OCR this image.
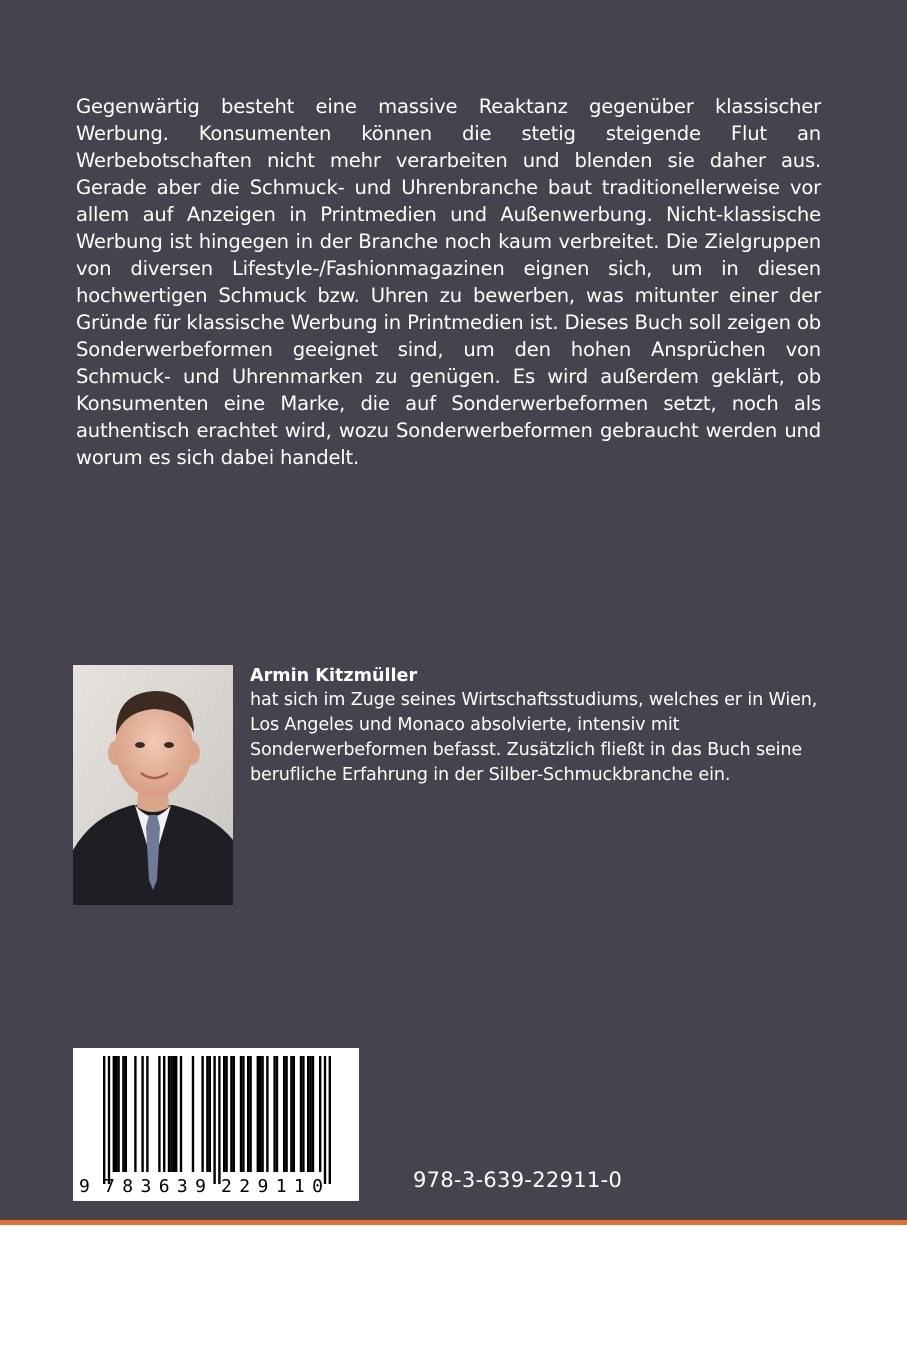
Gegenwärtig besteht eine massive Reaktanz gegenüber klassischer Werbung. Konsumenten können die stetig steigende Flut an Werbebotschaften nicht mehr verarbeiten und blenden sie daher aus. Gerade aber die Schmuck- und Uhrenbranche baut traditionellerweise vor allem auf Anzeigen in Printmedien und Außenwerbung. Nicht-klassische Werbung ist hingegen in der Branche noch kaum verbreitet. Die Zielgruppen von diversen Lifestyle-/Fashionmagazinen eignen sich, um in diesen hochwertigen Schmuck bzw. Uhren zu bewerben, was mitunter einer der Gründe für klassische Werbung in Printmedien ist. Dieses Buch soll zeigen ob Sonderwerbeformen geeignet sind, um den hohen Ansprüchen von Schmuck- und Uhrenmarken zu genügen. Es wird außerdem geklärt, ob Konsumenten eine Marke, die auf Sonderwerbeformen setzt, noch als authentisch erachtet wird, wozu Sonderwerbeformen gebraucht werden und worum es sich dabei handelt.

Armin Kitzmüller

hat sich im Zuge seines Wirtschaftsstudiums, welches er in Wien, Los Angeles und Monaco absolvierte, intensiv mit Sonderwerbeformen befasst. Zusätzlich fließt in das Buch seine berufliche Erfahrung in der Silber-Schmuckbranche ein.

9 783639 229110	978-3-639-22911-0
